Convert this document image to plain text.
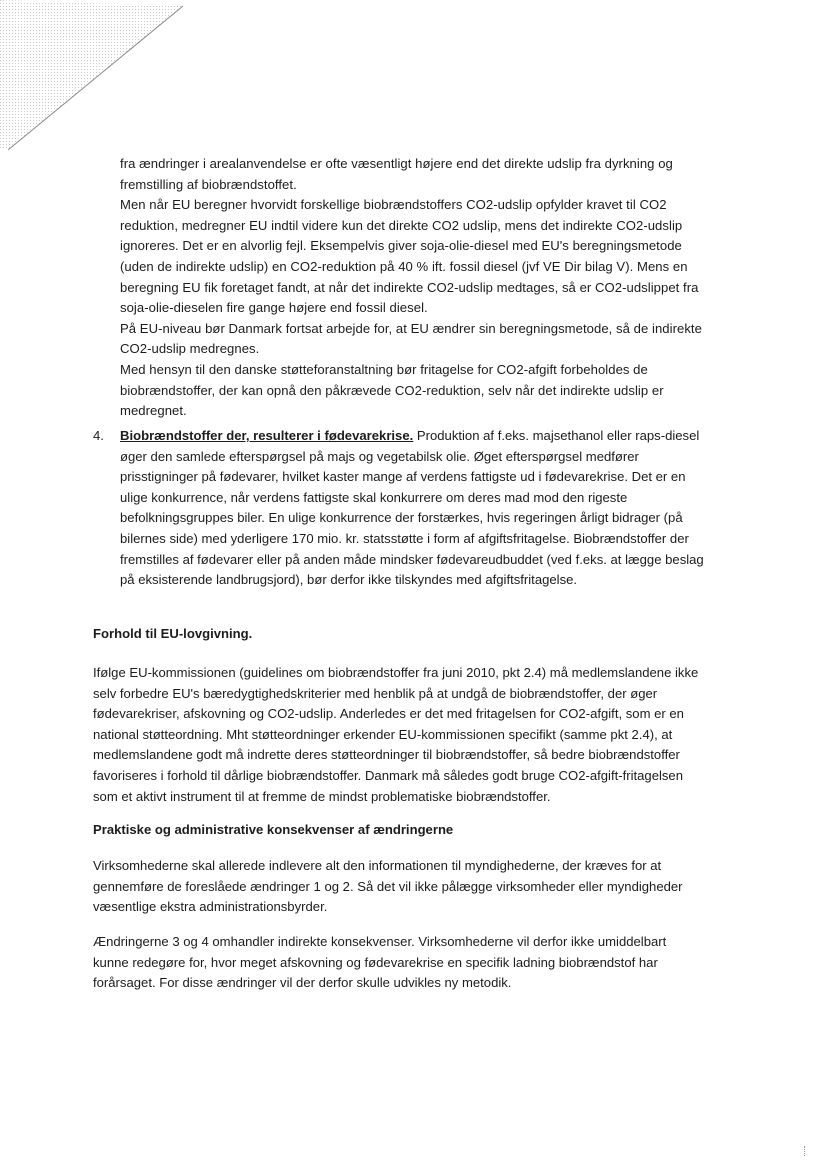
fra ændringer i arealanvendelse er ofte væsentligt højere end det direkte udslip fra dyrkning og
fremstilling af biobrændstoffet.
Men når EU beregner hvorvidt forskellige biobrændstoffers CO2-udslip opfylder kravet til CO2
reduktion, medregner EU indtil videre kun det direkte CO2 udslip, mens det indirekte CO2-udslip
ignoreres. Det er en alvorlig fejl. Eksempelvis giver soja-olie-diesel med EU's beregningsmetode
(uden de indirekte udslip) en CO2-reduktion på 40 % ift. fossil diesel (jvf VE Dir bilag V). Mens en
beregning EU fik foretaget fandt, at når det indirekte CO2-udslip medtages, så er CO2-udslippet fra
soja-olie-dieselen fire gange højere end fossil diesel.
På EU-niveau bør Danmark fortsat arbejde for, at EU ændrer sin beregningsmetode, så de indirekte
CO2-udslip medregnes.
Med hensyn til den danske støtteforanstaltning bør fritagelse for CO2-afgift forbeholdes de
biobrændstoffer, der kan opnå den påkrævede CO2-reduktion, selv når det indirekte udslip er
medregnet.
4. Biobrændstoffer der, resulterer i fødevarekrise. Produktion af f.eks. majsethanol eller raps-diesel
øger den samlede efterspørgsel på majs og vegetabilsk olie. Øget efterspørgsel medfører
prisstigninger på fødevarer, hvilket kaster mange af verdens fattigste ud i fødevarekrise. Det er en
ulige konkurrence, når verdens fattigste skal konkurrere om deres mad mod den rigeste
befolkningsgruppes biler. En ulige konkurrence der forstærkes, hvis regeringen årligt bidrager (på
bilernes side) med yderligere 170 mio. kr. statsstøtte i form af afgiftsfritagelse. Biobrændstoffer der
fremstilles af fødevarer eller på anden måde mindsker fødevareudbuddet (ved f.eks. at lægge beslag
på eksisterende landbrugsjord), bør derfor ikke tilskyndes med afgiftsfritagelse.
Forhold til EU-lovgivning.
Ifølge EU-kommissionen (guidelines om biobrændstoffer fra juni 2010, pkt 2.4) må medlemslandene ikke
selv forbedre EU's bæredygtighedskriterier med henblik på at undgå de biobrændstoffer, der øger
fødevarekriser, afskovning og CO2-udslip. Anderledes er det med fritagelsen for CO2-afgift, som er en
national støtteordning. Mht støtteordninger erkender EU-kommissionen specifikt (samme pkt 2.4), at
medlemslandene godt må indrette deres støtteordninger til biobrændstoffer, så bedre biobrændstoffer
favoriseres i forhold til dårlige biobrændstoffer. Danmark må således godt bruge CO2-afgift-fritagelsen
som et aktivt instrument til at fremme de mindst problematiske biobrændstoffer.
Praktiske og administrative konsekvenser af ændringerne
Virksomhederne skal allerede indlevere alt den informationen til myndighederne, der kræves for at
gennemføre de foreslåede ændringer 1 og 2. Så det vil ikke pålægge virksomheder eller myndigheder
væsentlige ekstra administrationsbyrder.
Ændringerne 3 og 4 omhandler indirekte konsekvenser. Virksomhederne vil derfor ikke umiddelbart
kunne redegøre for, hvor meget afskovning og fødevarekrise en specifik ladning biobrændstof har
forårsaget. For disse ændringer vil der derfor skulle udvikles ny metodik.
